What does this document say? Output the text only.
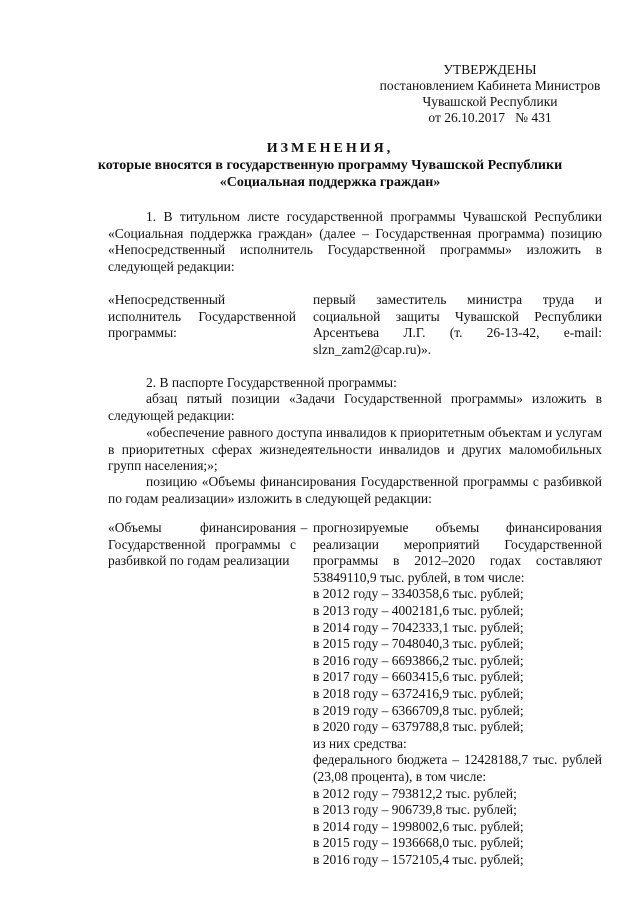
УТВЕРЖДЕНЫ
постановлением Кабинета Министров
Чувашской Республики
от 26.10.2017   № 431
ИЗМЕНЕНИЯ,
которые вносятся в государственную программу Чувашской Республики
«Социальная поддержка граждан»
1. В титульном листе государственной программы Чувашской Республики «Социальная поддержка граждан» (далее – Государственная программа) позицию «Непосредственный исполнитель Государственной программы» изложить в следующей редакции:
«Непосредственный исполнитель Государственной программы:
первый заместитель министра труда и социальной защиты Чувашской Республики Арсентьева Л.Г. (т. 26-13-42, e-mail: slzn_zam2@cap.ru)».
2. В паспорте Государственной программы:
абзац пятый позиции «Задачи Государственной программы» изложить в следующей редакции:
«обеспечение равного доступа инвалидов к приоритетным объектам и услугам в приоритетных сферах жизнедеятельности инвалидов и других маломобильных групп населения;»;
позицию «Объемы финансирования Государственной программы с разбивкой по годам реализации» изложить в следующей редакции:
«Объемы финансирования Государственной программы с разбивкой по годам реализации
– прогнозируемые объемы финансирования реализации мероприятий Государственной программы в 2012–2020 годах составляют 53849110,9 тыс. рублей, в том числе:
в 2012 году – 3340358,6 тыс. рублей;
в 2013 году – 4002181,6 тыс. рублей;
в 2014 году – 7042333,1 тыс. рублей;
в 2015 году – 7048040,3 тыс. рублей;
в 2016 году – 6693866,2 тыс. рублей;
в 2017 году – 6603415,6 тыс. рублей;
в 2018 году – 6372416,9 тыс. рублей;
в 2019 году – 6366709,8 тыс. рублей;
в 2020 году – 6379788,8 тыс. рублей;
из них средства:
федерального бюджета – 12428188,7 тыс. рублей (23,08 процента), в том числе:
в 2012 году – 793812,2 тыс. рублей;
в 2013 году – 906739,8 тыс. рублей;
в 2014 году – 1998002,6 тыс. рублей;
в 2015 году – 1936668,0 тыс. рублей;
в 2016 году – 1572105,4 тыс. рублей;
